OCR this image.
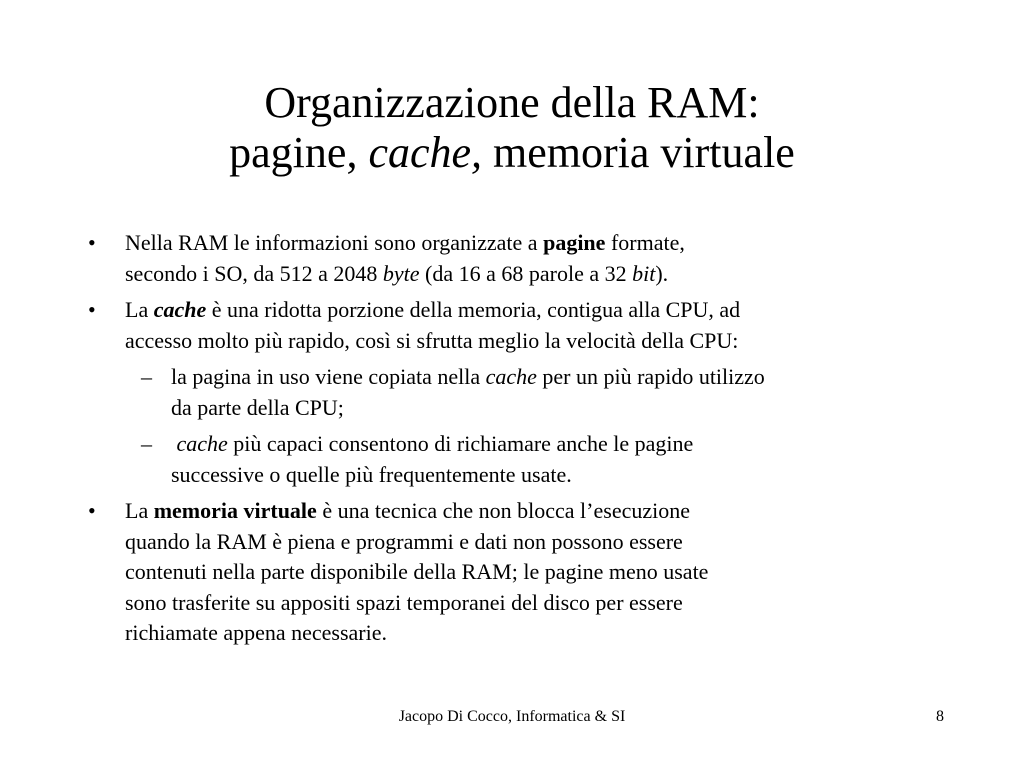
Organizzazione della RAM:
pagine, cache, memoria virtuale
• Nella RAM le informazioni sono organizzate a pagine formate,
secondo i SO, da 512 a 2048 byte (da 16 a 68 parole a 32 bit).
• La cache è una ridotta porzione della memoria, contigua alla CPU, ad
accesso molto più rapido, così si sfrutta meglio la velocità della CPU:
– la pagina in uso viene copiata nella cache per un più rapido utilizzo
da parte della CPU;
– cache più capaci consentono di richiamare anche le pagine
successive o quelle più frequentemente usate.
• La memoria virtuale è una tecnica che non blocca l’esecuzione
quando la RAM è piena e programmi e dati non possono essere
contenuti nella parte disponibile della RAM; le pagine meno usate
sono trasferite su appositi spazi temporanei del disco per essere
richiamate appena necessarie.
Jacopo Di Cocco, Informatica & SI	8
